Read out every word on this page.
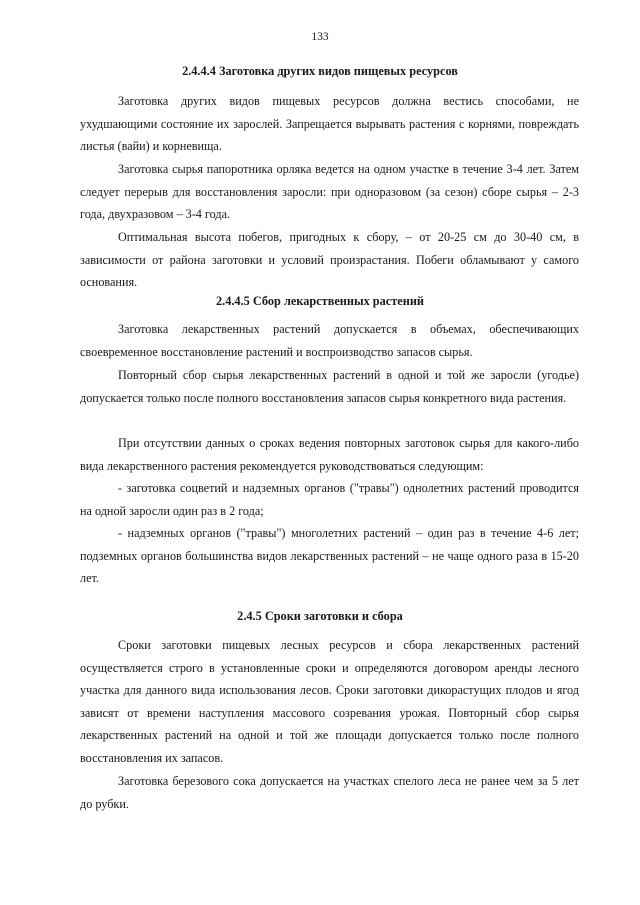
133
2.4.4.4 Заготовка других видов пищевых ресурсов

Заготовка других видов пищевых ресурсов должна вестись способами, не ухудшающими состояние их зарослей. Запрещается вырывать растения с корнями, повреждать листья (вайи) и корневища.

Заготовка сырья папоротника орляка ведется на одном участке в течение 3-4 лет. Затем следует перерыв для восстановления заросли: при одноразовом (за сезон) сборе сырья – 2-3 года, двухразовом – 3-4 года.

Оптимальная высота побегов, пригодных к сбору, – от 20-25 см до 30-40 см, в зависимости от района заготовки и условий произрастания. Побеги обламывают у самого основания.

2.4.4.5 Сбор лекарственных растений

Заготовка лекарственных растений допускается в объемах, обеспечивающих своевременное восстановление растений и воспроизводство запасов сырья.

Повторный сбор сырья лекарственных растений в одной и той же заросли (угодье) допускается только после полного восстановления запасов сырья конкретного вида растения.

При отсутствии данных о сроках ведения повторных заготовок сырья для какого-либо вида лекарственного растения рекомендуется руководствоваться следующим:

- заготовка соцветий и надземных органов ("травы") однолетних растений проводится на одной заросли один раз в 2 года;

- надземных органов ("травы") многолетних растений – один раз в течение 4-6 лет; подземных органов большинства видов лекарственных растений – не чаще одного раза в 15-20 лет.

2.4.5 Сроки заготовки и сбора

Сроки заготовки пищевых лесных ресурсов и сбора лекарственных растений осуществляется строго в установленные сроки и определяются договором аренды лесного участка для данного вида использования лесов. Сроки заготовки дикорастущих плодов и ягод зависят от времени наступления массового созревания урожая. Повторный сбор сырья лекарственных растений на одной и той же площади допускается только после полного восстановления их запасов.

Заготовка березового сока допускается на участках спелого леса не ранее чем за 5 лет до рубки.
